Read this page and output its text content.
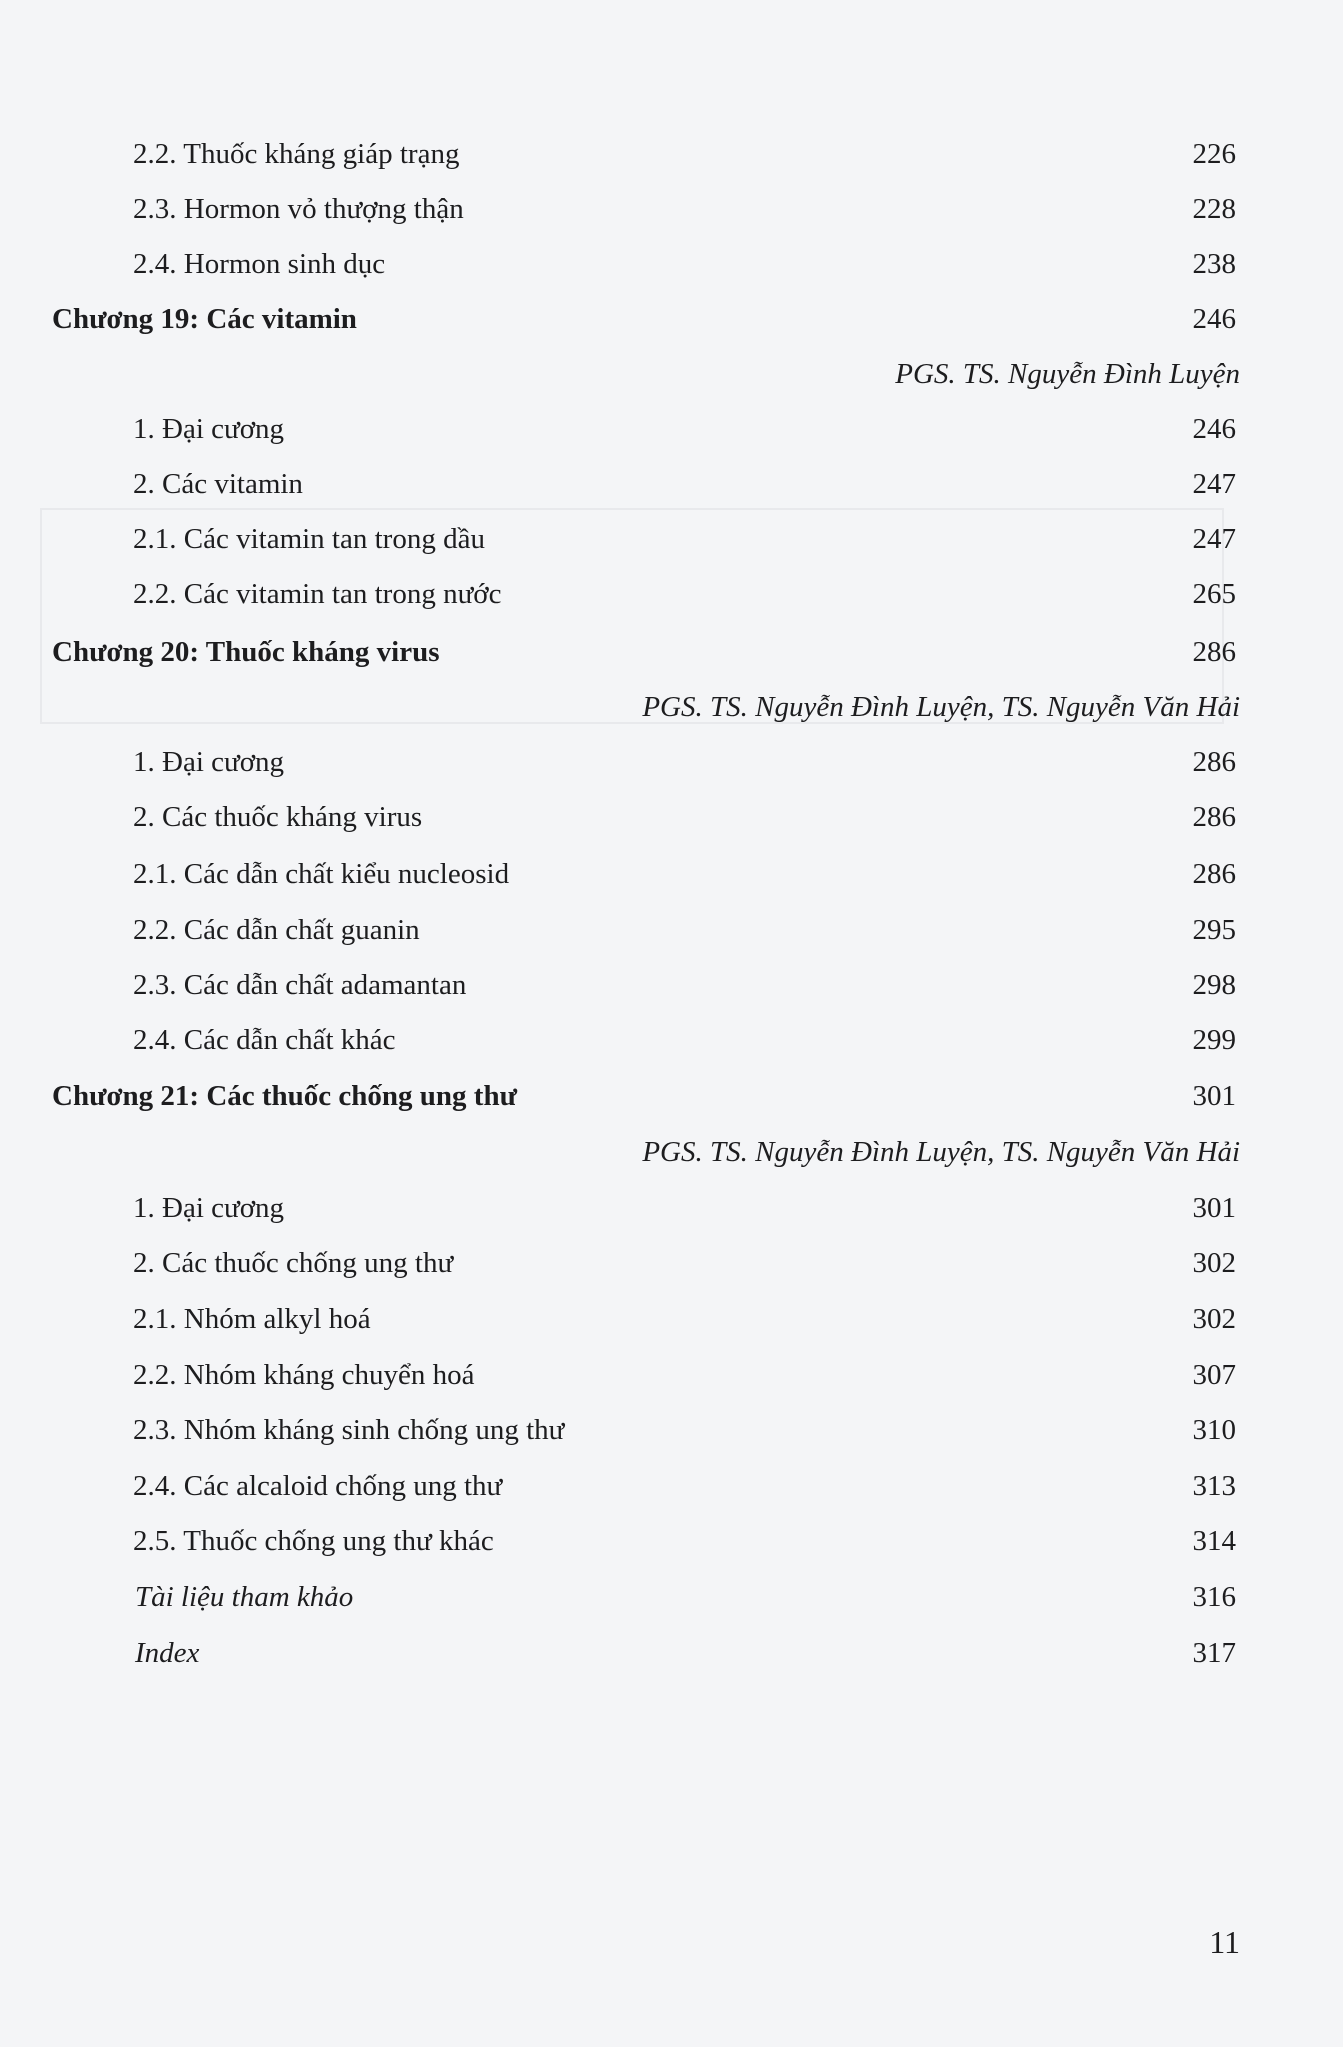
2.2. Thuốc kháng giáp trạng	226
2.3. Hormon vỏ thượng thận	228
2.4. Hormon sinh dục	238
Chương 19: Các vitamin	246
PGS. TS. Nguyễn Đình Luyện
1. Đại cương	246
2. Các vitamin	247
2.1. Các vitamin tan trong dầu	247
2.2. Các vitamin tan trong nước	265
Chương 20: Thuốc kháng virus	286
PGS. TS. Nguyễn Đình Luyện, TS. Nguyễn Văn Hải
1. Đại cương	286
2. Các thuốc kháng virus	286
2.1. Các dẫn chất kiểu nucleosid	286
2.2. Các dẫn chất guanin	295
2.3. Các dẫn chất adamantan	298
2.4. Các dẫn chất khác	299
Chương 21: Các thuốc chống ung thư	301
PGS. TS. Nguyễn Đình Luyện, TS. Nguyễn Văn Hải
1. Đại cương	301
2. Các thuốc chống ung thư	302
2.1. Nhóm alkyl hoá	302
2.2. Nhóm kháng chuyển hoá	307
2.3. Nhóm kháng sinh chống ung thư	310
2.4. Các alcaloid chống ung thư	313
2.5. Thuốc chống ung thư khác	314
Tài liệu tham khảo	316
Index	317
11
